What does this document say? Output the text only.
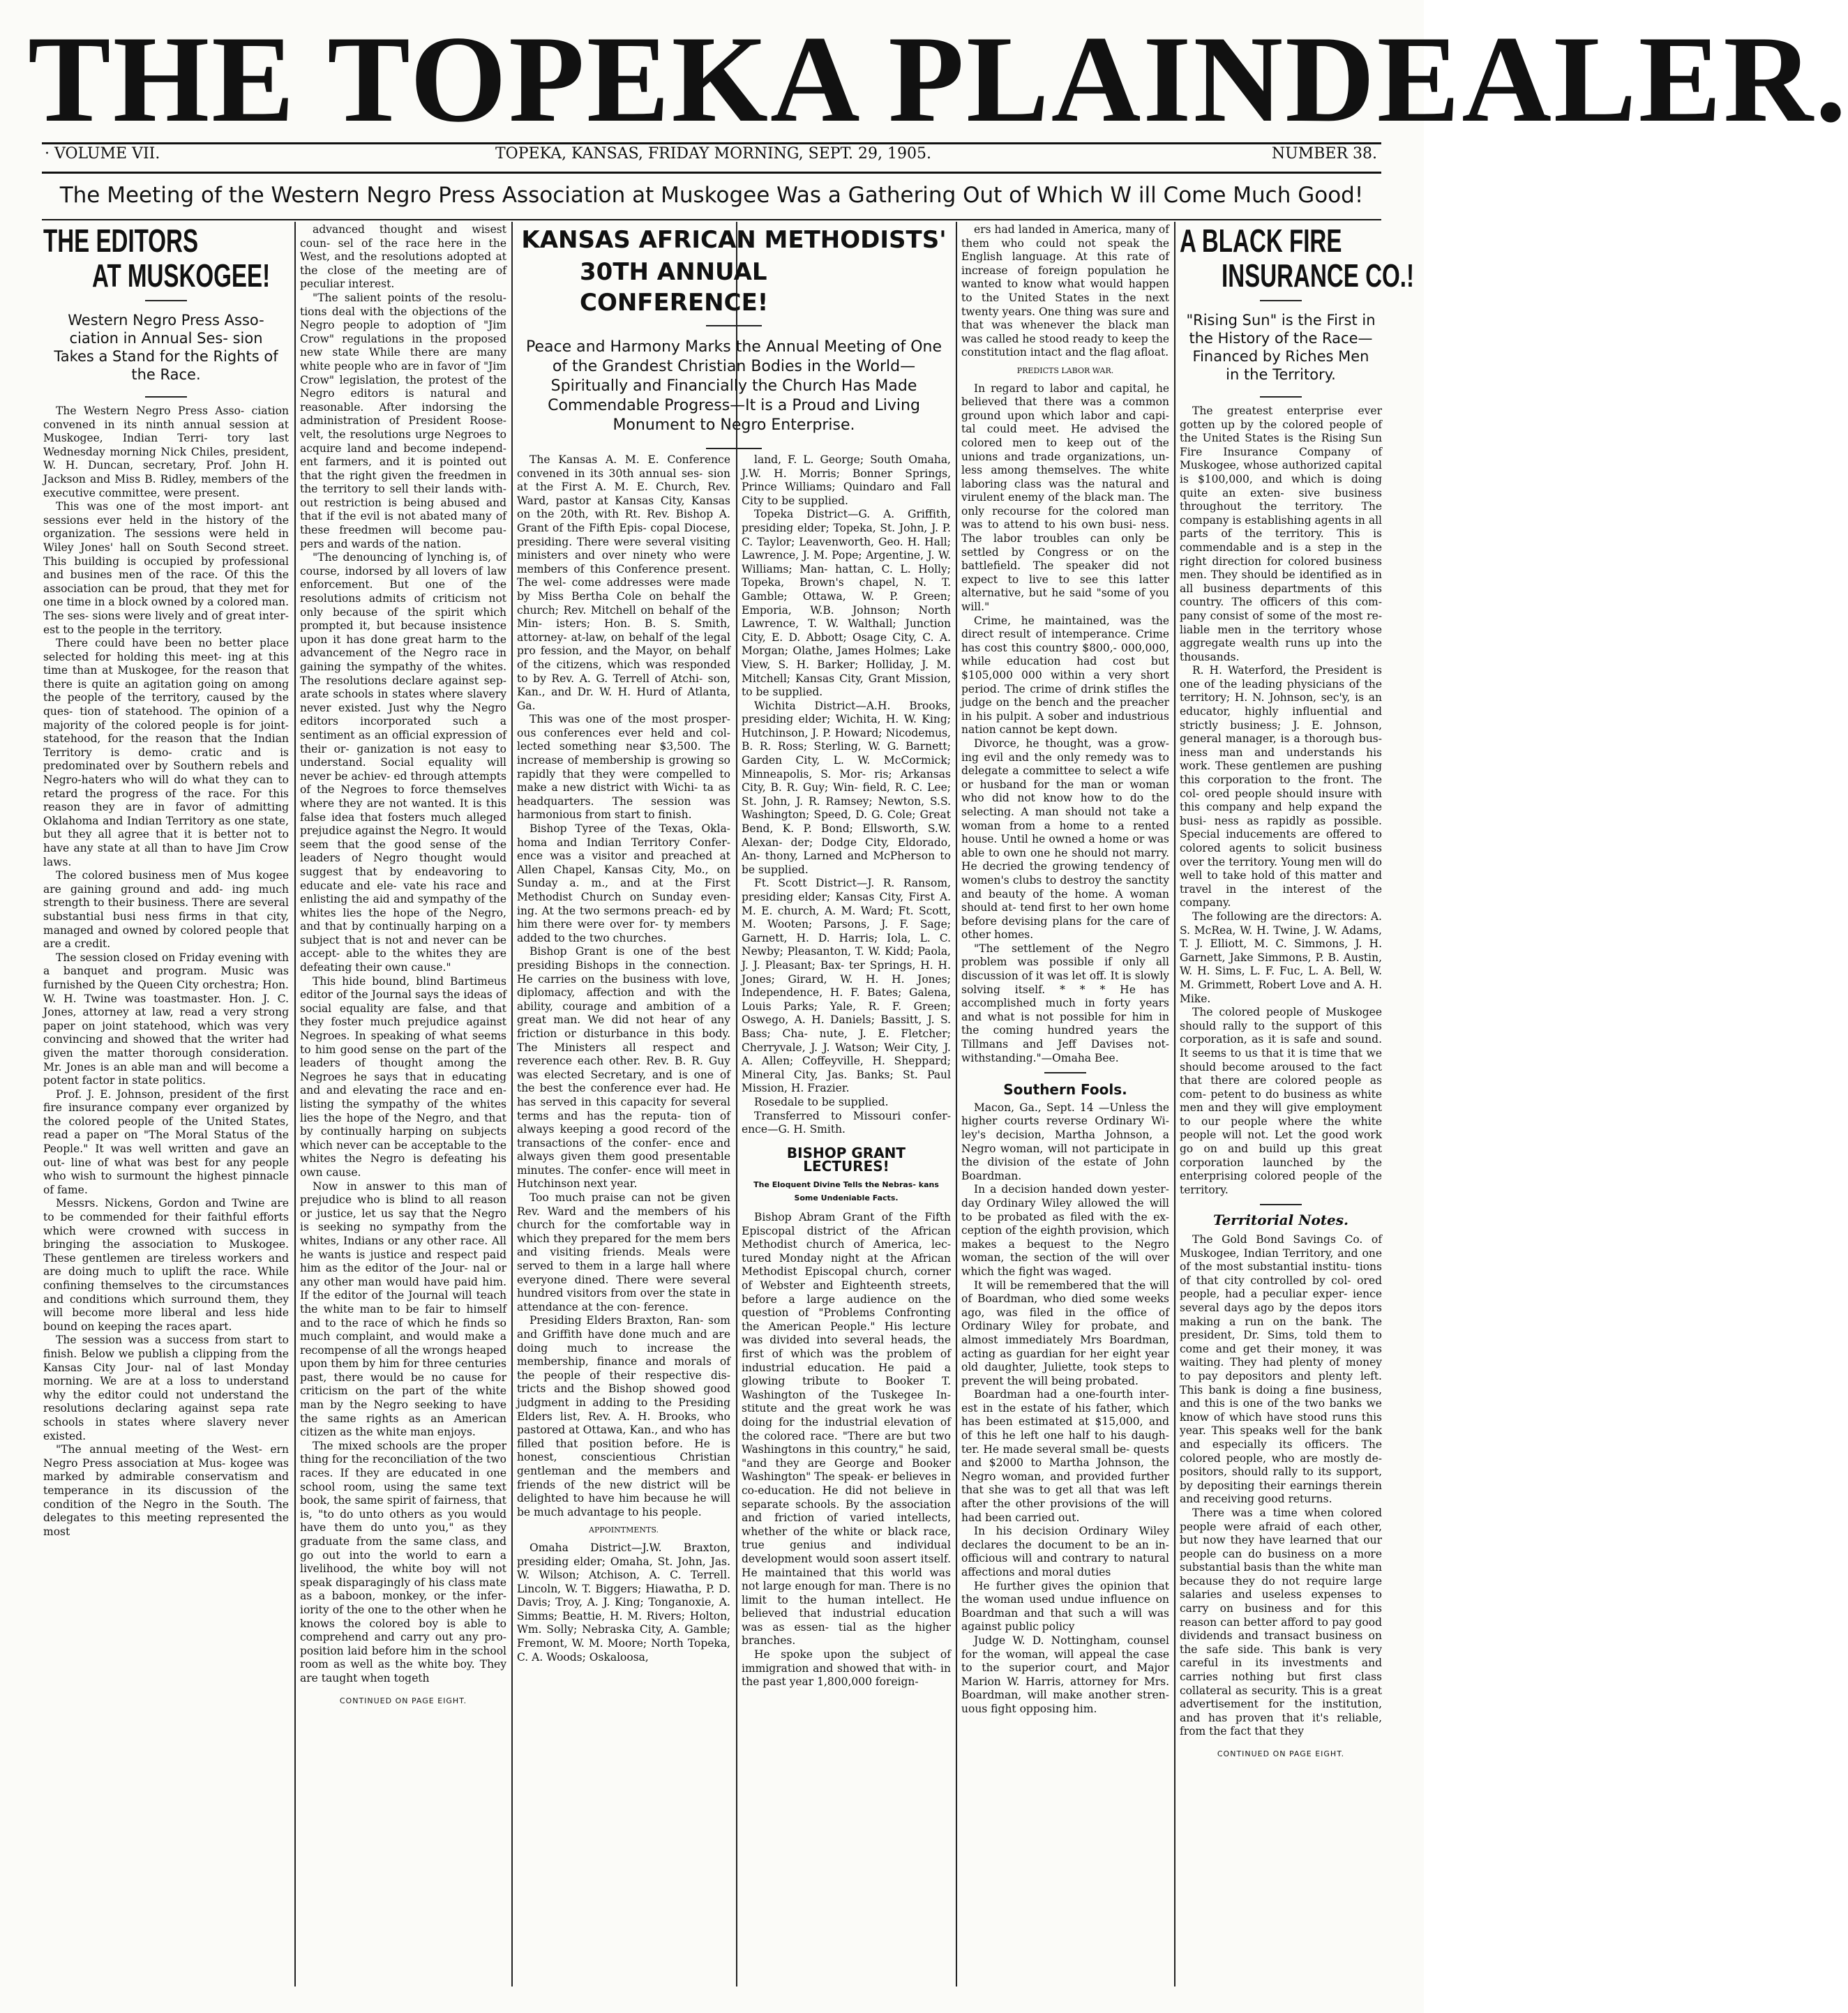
THE TOPEKA PLAINDEALER.
· VOLUME VII.	TOPEKA, KANSAS, FRIDAY MORNING, SEPT. 29, 1905.	NUMBER 38.
The Meeting of the Western Negro Press Association at Muskogee Was a Gathering Out of Which W ill Come Much Good!
THE EDITORS
AT MUSKOGEE!
Western Negro Press Asso- ciation in Annual Ses- sion Takes a Stand for the Rights of the Race.

The Western Negro Press Asso- ciation convened in its ninth annual session at Muskogee, Indian Terri- tory last Wednesday morning Nick Chiles, president, W. H. Duncan, secretary, Prof. John H. Jackson and Miss B. Ridley, members of the executive committee, were present.

This was one of the most import- ant sessions ever held in the history of the organization. The sessions were held in Wiley Jones' hall on South Second street. This building is occupied by professional and busines men of the race. Of this the association can be proud, that they met for one time in a block owned by a colored man. The ses- sions were lively and of great inter- est to the people in the territory.

There could have been no better place selected for holding this meet- ing at this time than at Muskogee, for the reason that there is quite an agitation going on among the people of the territory, caused by the ques- tion of statehood. The opinion of a majority of the colored people is for joint-statehood, for the reason that the Indian Territory is demo- cratic and is predominated over by Southern rebels and Negro-haters who will do what they can to retard the progress of the race. For this reason they are in favor of admitting Oklahoma and Indian Territory as one state, but they all agree that it is better not to have any state at all than to have Jim Crow laws.

The colored business men of Mus kogee are gaining ground and add- ing much strength to their business. There are several substantial busi ness firms in that city, managed and owned by colored people that are a credit.

The session closed on Friday evening with a banquet and program. Music was furnished by the Queen City orchestra; Hon. W. H. Twine was toastmaster. Hon. J. C. Jones, attorney at law, read a very strong paper on joint statehood, which was very convincing and showed that the writer had given the matter thorough consideration. Mr. Jones is an able man and will become a potent factor in state politics.

Prof. J. E. Johnson, president of the first fire insurance company ever organized by the colored people of the United States, read a paper on "The Moral Status of the People." It was well written and gave an out- line of what was best for any people who wish to surmount the highest pinnacle of fame.

Messrs. Nickens, Gordon and Twine are to be commended for their faithful efforts which were crowned with success in bringing the association to Muskogee. These gentlemen are tireless workers and are doing much to uplift the race. While confining themselves to the circumstances and conditions which surround them, they will become more liberal and less hide bound on keeping the races apart.

The session was a success from start to finish. Below we publish a clipping from the Kansas City Jour- nal of last Monday morning. We are at a loss to understand why the editor could not understand the resolutions declaring against sepa rate schools in states where slavery never existed.

"The annual meeting of the West- ern Negro Press association at Mus- kogee was marked by admirable conservatism and temperance in its discussion of the condition of the Negro in the South. The delegates to this meeting represented the most

advanced thought and wisest coun- sel of the race here in the West, and the resolutions adopted at the close of the meeting are of peculiar interest.

"The salient points of the resolu- tions deal with the objections of the Negro people to adoption of "Jim Crow" regulations in the proposed new state While there are many white people who are in favor of "Jim Crow" legislation, the protest of the Negro editors is natural and reasonable. After indorsing the administration of President Roose- velt, the resolutions urge Negroes to acquire land and become independ- ent farmers, and it is pointed out that the right given the freedmen in the territory to sell their lands with- out restriction is being abused and that if the evil is not abated many of these freedmen will become pau- pers and wards of the nation.

"The denouncing of lynching is, of course, indorsed by all lovers of law enforcement. But one of the resolutions admits of criticism not only because of the spirit which prompted it, but because insistence upon it has done great harm to the advancement of the Negro race in gaining the sympathy of the whites. The resolutions declare against sep- arate schools in states where slavery never existed. Just why the Negro editors incorporated such a sentiment as an official expression of their or- ganization is not easy to understand. Social equality will never be achiev- ed through attempts of the Negroes to force themselves where they are not wanted. It is this false idea that fosters much alleged prejudice against the Negro. It would seem that the good sense of the leaders of Negro thought would suggest that by endeavoring to educate and ele- vate his race and enlisting the aid and sympathy of the whites lies the hope of the Negro, and that by continually harping on a subject that is not and never can be accept- able to the whites they are defeating their own cause."

This hide bound, blind Bartimeus editor of the Journal says the ideas of social equality are false, and that they foster much prejudice against Negroes. In speaking of what seems to him good sense on the part of the leaders of thought among the Negroes he says that in educating and and elevating the race and en- listing the sympathy of the whites lies the hope of the Negro, and that by continually harping on subjects which never can be acceptable to the whites the Negro is defeating his own cause.

Now in answer to this man of prejudice who is blind to all reason or justice, let us say that the Negro is seeking no sympathy from the whites, Indians or any other race. All he wants is justice and respect paid him as the editor of the Jour- nal or any other man would have paid him. If the editor of the Journal will teach the white man to be fair to himself and to the race of which he finds so much complaint, and would make a recompense of all the wrongs heaped upon them by him for three centuries past, there would be no cause for criticism on the part of the white man by the Negro seeking to have the same rights as an American citizen as the white man enjoys.

The mixed schools are the proper thing for the reconciliation of the two races. If they are educated in one school room, using the same text book, the same spirit of fairness, that is, "to do unto others as you would have them do unto you," as they graduate from the same class, and go out into the world to earn a livelihood, the white boy will not speak disparagingly of his class mate as a baboon, monkey, or the infer- iority of the one to the other when he knows the colored boy is able to comprehend and carry out any pro- position laid before him in the school room as well as the white boy. They are taught when togeth

CONTINUED ON PAGE EIGHT.
KANSAS AFRICAN METHODISTS'
30TH ANNUAL CONFERENCE!
Peace and Harmony Marks the Annual Meeting of One of the Grandest Christian Bodies in the World— Spiritually and Financially the Church Has Made Commendable Progress—It is a Proud and Living Monument to Negro Enterprise.

The Kansas A. M. E. Conference convened in its 30th annual ses- sion at the First A. M. E. Church, Rev. Ward, pastor at Kansas City, Kansas on the 20th, with Rt. Rev. Bishop A. Grant of the Fifth Epis- copal Diocese, presiding. There were several visiting ministers and over ninety who were members of this Conference present. The wel- come addresses were made by Miss Bertha Cole on behalf the church; Rev. Mitchell on behalf of the Min- isters; Hon. B. S. Smith, attorney- at-law, on behalf of the legal pro fession, and the Mayor, on behalf of the citizens, which was responded to by Rev. A. G. Terrell of Atchi- son, Kan., and Dr. W. H. Hurd of Atlanta, Ga.

This was one of the most prosper- ous conferences ever held and col- lected something near $3,500. The increase of membership is growing so rapidly that they were compelled to make a new district with Wichi- ta as headquarters. The session was harmonious from start to finish.

Bishop Tyree of the Texas, Okla- homa and Indian Territory Confer- ence was a visitor and preached at Allen Chapel, Kansas City, Mo., on Sunday a. m., and at the First Methodist Church on Sunday even- ing. At the two sermons preach- ed by him there were over for- ty members added to the two churches.

Bishop Grant is one of the best presiding Bishops in the connection. He carries on the business with love, diplomacy, affection and with the ability, courage and ambition of a great man. We did not hear of any friction or disturbance in this body. The Ministers all respect and reverence each other. Rev. B. R. Guy was elected Secretary, and is one of the best the conference ever had. He has served in this capacity for several terms and has the reputa- tion of always keeping a good record of the transactions of the confer- ence and always given them good presentable minutes. The confer- ence will meet in Hutchinson next year.

Too much praise can not be given Rev. Ward and the members of his church for the comfortable way in which they prepared for the mem bers and visiting friends. Meals were served to them in a large hall where everyone dined. There were several hundred visitors from over the state in attendance at the con- ference.

Presiding Elders Braxton, Ran- som and Griffith have done much and are doing much to increase the membership, finance and morals of the people of their respective dis- tricts and the Bishop showed good judgment in adding to the Presiding Elders list, Rev. A. H. Brooks, who pastored at Ottawa, Kan., and who has filled that position before. He is honest, conscientious Christian gentleman and the members and friends of the new district will be delighted to have him because he will be much advantage to his people.

APPOINTMENTS.

Omaha District—J.W. Braxton, presiding elder; Omaha, St. John, Jas. W. Wilson; Atchison, A. C. Terrell. Lincoln, W. T. Biggers; Hiawatha, P. D. Davis; Troy, A. J. King; Tonganoxie, A. Simms; Beattie, H. M. Rivers; Holton, Wm. Solly; Nebraska City, A. Gamble; Fremont, W. M. Moore; North Topeka, C. A. Woods; Oskaloosa,

land, F. L. George; South Omaha, J.W. H. Morris; Bonner Springs, Prince Williams; Quindaro and Fall City to be supplied.

Topeka District—G. A. Griffith, presiding elder; Topeka, St. John, J. P. C. Taylor; Leavenworth, Geo. H. Hall; Lawrence, J. M. Pope; Argentine, J. W. Williams; Man- hattan, C. L. Holly; Topeka, Brown's chapel, N. T. Gamble; Ottawa, W. P. Green; Emporia, W.B. Johnson; North Lawrence, T. W. Walthall; Junction City, E. D. Abbott; Osage City, C. A. Morgan; Olathe, James Holmes; Lake View, S. H. Barker; Holliday, J. M. Mitchell; Kansas City, Grant Mission, to be supplied.

Wichita District—A.H. Brooks, presiding elder; Wichita, H. W. King; Hutchinson, J. P. Howard; Nicodemus, B. R. Ross; Sterling, W. G. Barnett; Garden City, L. W. McCormick; Minneapolis, S. Mor- ris; Arkansas City, B. R. Guy; Win- field, R. C. Lee; St. John, J. R. Ramsey; Newton, S.S. Washington; Speed, D. G. Cole; Great Bend, K. P. Bond; Ellsworth, S.W. Alexan- der; Dodge City, Eldorado, An- thony, Larned and McPherson to be supplied.

Ft. Scott District—J. R. Ransom, presiding elder; Kansas City, First A. M. E. church, A. M. Ward; Ft. Scott, M. Wooten; Parsons, J. F. Sage; Garnett, H. D. Harris; Iola, L. C. Newby; Pleasanton, T. W. Kidd; Paola, J. J. Pleasant; Bax- ter Springs, H. H. Jones; Girard, W. H. H. Jones; Independence, H. F. Bates; Galena, Louis Parks; Yale, R. F. Green; Oswego, A. H. Daniels; Bassitt, J. S. Bass; Cha- nute, J. E. Fletcher; Cherryvale, J. J. Watson; Weir City, J. A. Allen; Coffeyville, H. Sheppard; Mineral City, Jas. Banks; St. Paul Mission, H. Frazier.

Rosedale to be supplied.

Transferred to Missouri confer- ence—G. H. Smith.

BISHOP GRANT LECTURES!
The Eloquent Divine Tells the Nebras- kans Some Undeniable Facts.

Bishop Abram Grant of the Fifth Episcopal district of the African Methodist church of America, lec- tured Monday night at the African Methodist Episcopal church, corner of Webster and Eighteenth streets, before a large audience on the question of "Problems Confronting the American People." His lecture was divided into several heads, the first of which was the problem of industrial education. He paid a glowing tribute to Booker T. Washington of the Tuskegee In- stitute and the great work he was doing for the industrial elevation of the colored race. "There are but two Washingtons in this country," he said, "and they are George and Booker Washington" The speak- er believes in co-education. He did not believe in separate schools. By the association and friction of varied intellects, whether of the white or black race, true genius and individual development would soon assert itself. He maintained that this world was not large enough for man. There is no limit to the human intellect. He believed that industrial education was as essen- tial as the higher branches.

He spoke upon the subject of immigration and showed that with- in the past year 1,800,000 foreign-

ers had landed in America, many of them who could not speak the English language. At this rate of increase of foreign population he wanted to know what would happen to the United States in the next twenty years. One thing was sure and that was whenever the black man was called he stood ready to keep the constitution intact and the flag afloat.

PREDICTS LABOR WAR.

In regard to labor and capital, he believed that there was a common ground upon which labor and capi- tal could meet. He advised the colored men to keep out of the unions and trade organizations, un- less among themselves. The white laboring class was the natural and virulent enemy of the black man. The only recourse for the colored man was to attend to his own busi- ness. The labor troubles can only be settled by Congress or on the battlefield. The speaker did not expect to live to see this latter alternative, but he said "some of you will."

Crime, he maintained, was the direct result of intemperance. Crime has cost this country $800,- 000,000, while education had cost but $105,000 000 within a very short period. The crime of drink stifles the judge on the bench and the preacher in his pulpit. A sober and industrious nation cannot be kept down.

Divorce, he thought, was a grow- ing evil and the only remedy was to delegate a committee to select a wife or husband for the man or woman who did not know how to do the selecting. A man should not take a woman from a home to a rented house. Until he owned a home or was able to own one he should not marry. He decried the growing tendency of women's clubs to destroy the sanctity and beauty of the home. A woman should at- tend first to her own home before devising plans for the care of other homes.

"The settlement of the Negro problem was possible if only all discussion of it was let off. It is slowly solving itself. * * * He has accomplished much in forty years and what is not possible for him in the coming hundred years the Tillmans and Jeff Davises not- withstanding."—Omaha Bee.

Southern Fools.

Macon, Ga., Sept. 14 —Unless the higher courts reverse Ordinary Wi- ley's decision, Martha Johnson, a Negro woman, will not participate in the division of the estate of John Boardman.

In a decision handed down yester- day Ordinary Wiley allowed the will to be probated as filed with the ex- ception of the eighth provision, which makes a bequest to the Negro woman, the section of the will over which the fight was waged.

It will be remembered that the will of Boardman, who died some weeks ago, was filed in the office of Ordinary Wiley for probate, and almost immediately Mrs Boardman, acting as guardian for her eight year old daughter, Juliette, took steps to prevent the will being probated.

Boardman had a one-fourth inter- est in the estate of his father, which has been estimated at $15,000, and of this he left one half to his daugh- ter. He made several small be- quests and $2000 to Martha Johnson, the Negro woman, and provided further that she was to get all that was left after the other provisions of the will had been carried out.

In his decision Ordinary Wiley declares the document to be an in- officious will and contrary to natural affections and moral duties

He further gives the opinion that the woman used undue influence on Boardman and that such a will was against public policy

Judge W. D. Nottingham, counsel for the woman, will appeal the case to the superior court, and Major Marion W. Harris, attorney for Mrs. Boardman, will make another stren- uous fight opposing him.

A BLACK FIRE
INSURANCE CO.!
"Rising Sun" is the First in the History of the Race— Financed by Riches Men in the Territory.

The greatest enterprise ever gotten up by the colored people of the United States is the Rising Sun Fire Insurance Company of Muskogee, whose authorized capital is $100,000, and which is doing quite an exten- sive business throughout the territory. The company is establishing agents in all parts of the territory. This is commendable and is a step in the right direction for colored business men. They should be identified as in all business departments of this country. The officers of this com- pany consist of some of the most re- liable men in the territory whose aggregate wealth runs up into the thousands.

R. H. Waterford, the President is one of the leading physicians of the territory; H. N. Johnson, sec'y, is an educator, highly influential and strictly business; J. E. Johnson, general manager, is a thorough bus- iness man and understands his work. These gentlemen are pushing this corporation to the front. The col- ored people should insure with this company and help expand the busi- ness as rapidly as possible. Special inducements are offered to colored agents to solicit business over the territory. Young men will do well to take hold of this matter and travel in the interest of the company.

The following are the directors: A. S. McRea, W. H. Twine, J. W. Adams, T. J. Elliott, M. C. Simmons, J. H. Garnett, Jake Simmons, P. B. Austin, W. H. Sims, L. F. Fuc, L. A. Bell, W. M. Grimmett, Robert Love and A. H. Mike.

The colored people of Muskogee should rally to the support of this corporation, as it is safe and sound. It seems to us that it is time that we should become aroused to the fact that there are colored people as com- petent to do business as white men and they will give employment to our people where the white people will not. Let the good work go on and build up this great corporation launched by the enterprising colored people of the territory.

Territorial Notes.

The Gold Bond Savings Co. of Muskogee, Indian Territory, and one of the most substantial institu- tions of that city controlled by col- ored people, had a peculiar exper- ience several days ago by the depos itors making a run on the bank. The president, Dr. Sims, told them to come and get their money, it was waiting. They had plenty of money to pay depositors and plenty left. This bank is doing a fine business, and this is one of the two banks we know of which have stood runs this year. This speaks well for the bank and especially its officers. The colored people, who are mostly de- positors, should rally to its support, by depositing their earnings therein and receiving good returns.

There was a time when colored people were afraid of each other, but now they have learned that our people can do business on a more substantial basis than the white man because they do not require large salaries and useless expenses to carry on business and for this reason can better afford to pay good dividends and transact business on the safe side. This bank is very careful in its investments and carries nothing but first class collateral as security. This is a great advertisement for the institution, and has proven that it's reliable, from the fact that they

CONTINUED ON PAGE EIGHT.
